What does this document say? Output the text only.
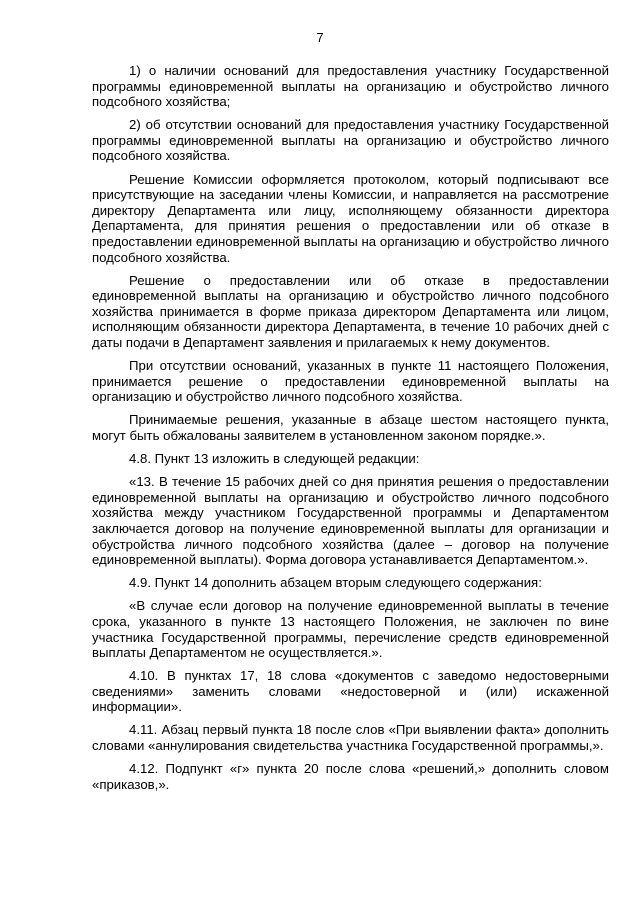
7

1) о наличии оснований для предоставления участнику Государственной программы единовременной выплаты на организацию и обустройство личного подсобного хозяйства;

2) об отсутствии оснований для предоставления участнику Государственной программы единовременной выплаты на организацию и обустройство личного подсобного хозяйства.

Решение Комиссии оформляется протоколом, который подписывают все присутствующие на заседании члены Комиссии, и направляется на рассмотрение директору Департамента или лицу, исполняющему обязанности директора Департамента, для принятия решения о предоставлении или об отказе в предоставлении единовременной выплаты на организацию и обустройство личного подсобного хозяйства.

Решение о предоставлении или об отказе в предоставлении единовременной выплаты на организацию и обустройство личного подсобного хозяйства принимается в форме приказа директором Департамента или лицом, исполняющим обязанности директора Департамента, в течение 10 рабочих дней с даты подачи в Департамент заявления и прилагаемых к нему документов.

При отсутствии оснований, указанных в пункте 11 настоящего Положения, принимается решение о предоставлении единовременной выплаты на организацию и обустройство личного подсобного хозяйства.

Принимаемые решения, указанные в абзаце шестом настоящего пункта, могут быть обжалованы заявителем в установленном законом порядке.».

4.8. Пункт 13 изложить в следующей редакции:

«13. В течение 15 рабочих дней со дня принятия решения о предоставлении единовременной выплаты на организацию и обустройство личного подсобного хозяйства между участником Государственной программы и Департаментом заключается договор на получение единовременной выплаты для организации и обустройства личного подсобного хозяйства (далее – договор на получение единовременной выплаты). Форма договора устанавливается Департаментом.».

4.9. Пункт 14 дополнить абзацем вторым следующего содержания:

«В случае если договор на получение единовременной выплаты в течение срока, указанного в пункте 13 настоящего Положения, не заключен по вине участника Государственной программы, перечисление средств единовременной выплаты Департаментом не осуществляется.».

4.10. В пунктах 17, 18 слова «документов с заведомо недостоверными сведениями» заменить словами «недостоверной и (или) искаженной информации».

4.11. Абзац первый пункта 18 после слов «При выявлении факта» дополнить словами «аннулирования свидетельства участника Государственной программы,».

4.12. Подпункт «г» пункта 20 после слова «решений,» дополнить словом «приказов,».
